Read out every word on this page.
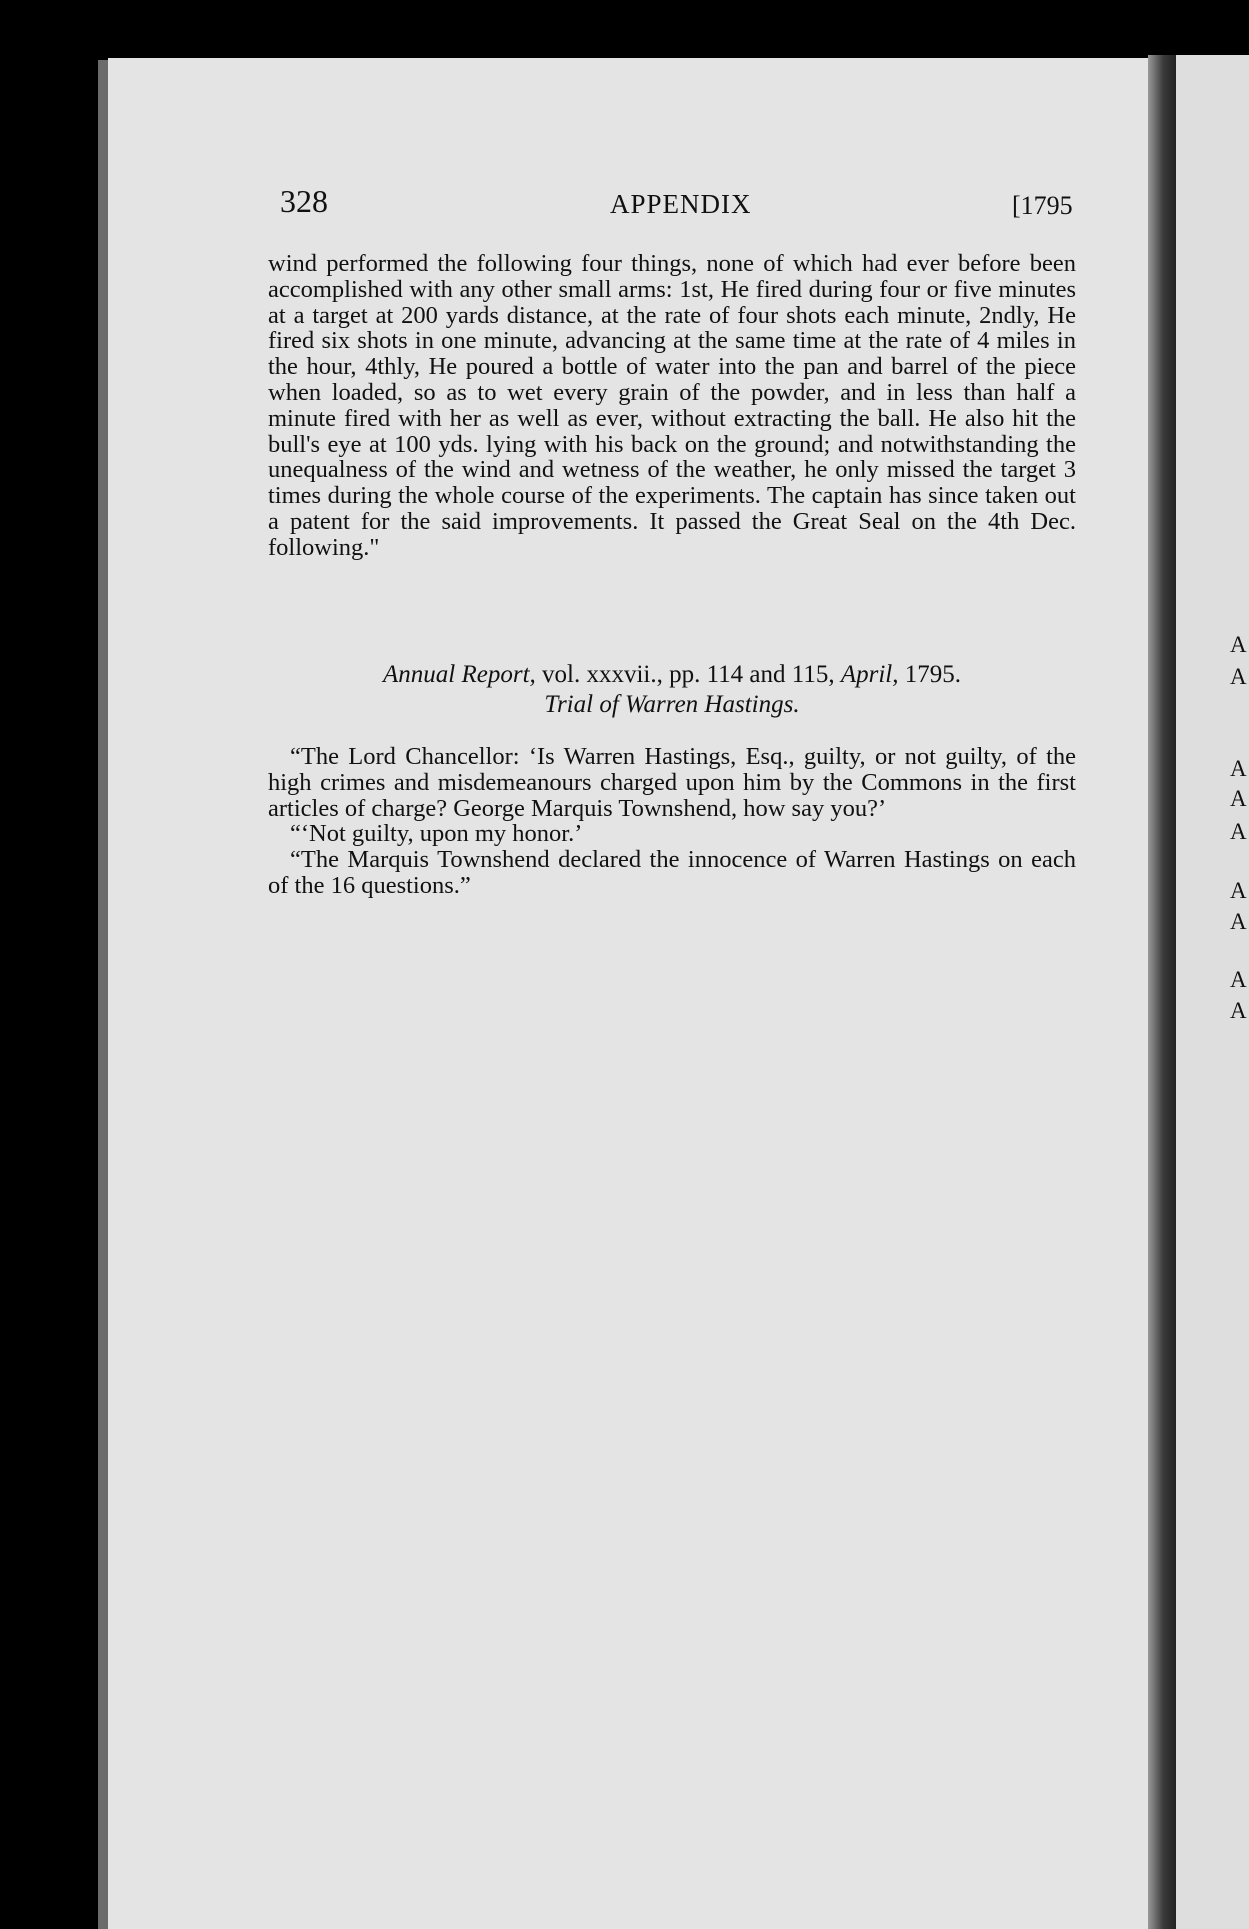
A
A
A
A
A
A
A
A
A
328	APPENDIX	[1795

wind performed the following four things, none of which had ever before been accomplished with any other small arms: 1st, He fired during four or five minutes at a target at 200 yards distance, at the rate of four shots each minute, 2ndly, He fired six shots in one minute, advancing at the same time at the rate of 4 miles in the hour, 4thly, He poured a bottle of water into the pan and barrel of the piece when loaded, so as to wet every grain of the powder, and in less than half a minute fired with her as well as ever, without extracting the ball. He also hit the bull's eye at 100 yds. lying with his back on the ground; and notwithstanding the unequalness of the wind and wetness of the weather, he only missed the target 3 times during the whole course of the experiments. The captain has since taken out a patent for the said improvements. It passed the Great Seal on the 4th Dec. following."

Annual Report, vol. xxxvii., pp. 114 and 115, April, 1795.
Trial of Warren Hastings.

“The Lord Chancellor: ‘Is Warren Hastings, Esq., guilty, or not guilty, of the high crimes and misdemeanours charged upon him by the Commons in the first articles of charge? George Marquis Townshend, how say you?’

“‘Not guilty, upon my honor.’

“The Marquis Townshend declared the innocence of Warren Hastings on each of the 16 questions.”
